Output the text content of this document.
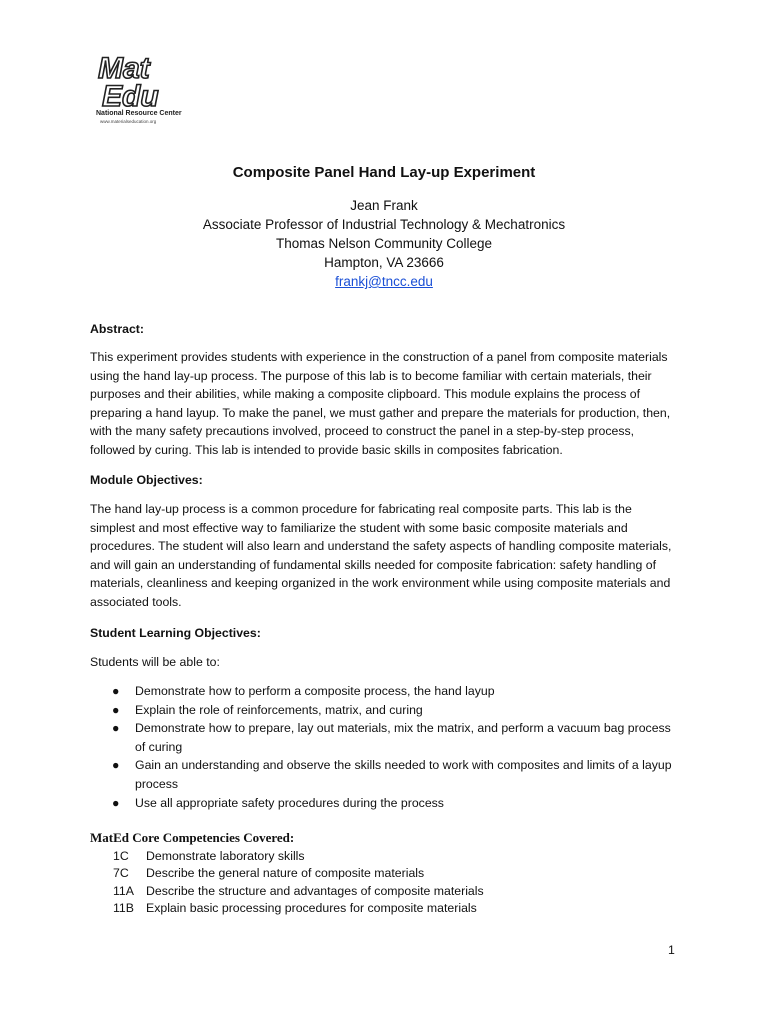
Mat
Edu
National Resource Center
www.materialseducation.org
Composite Panel Hand Lay-up Experiment
Jean Frank
Associate Professor of Industrial Technology & Mechatronics
Thomas Nelson Community College
Hampton, VA 23666
frankj@tncc.edu
Abstract:
This experiment provides students with experience in the construction of a panel from composite materials using the hand lay-up process. The purpose of this lab is to become familiar with certain materials, their purposes and their abilities, while making a composite clipboard. This module explains the process of preparing a hand layup. To make the panel, we must gather and prepare the materials for production, then, with the many safety precautions involved, proceed to construct the panel in a step-by-step process, followed by curing. This lab is intended to provide basic skills in composites fabrication.
Module Objectives:
The hand lay-up process is a common procedure for fabricating real composite parts. This lab is the simplest and most effective way to familiarize the student with some basic composite materials and procedures. The student will also learn and understand the safety aspects of handling composite materials, and will gain an understanding of fundamental skills needed for composite fabrication: safety handling of materials, cleanliness and keeping organized in the work environment while using composite materials and associated tools.
Student Learning Objectives:
Students will be able to:
● Demonstrate how to perform a composite process, the hand layup
● Explain the role of reinforcements, matrix, and curing
● Demonstrate how to prepare, lay out materials, mix the matrix, and perform a vacuum bag process of curing
● Gain an understanding and observe the skills needed to work with composites and limits of a layup process
● Use all appropriate safety procedures during the process
MatEd Core Competencies Covered:
1C	Demonstrate laboratory skills
7C	Describe the general nature of composite materials
11A Describe the structure and advantages of composite materials
11B Explain basic processing procedures for composite materials
1
